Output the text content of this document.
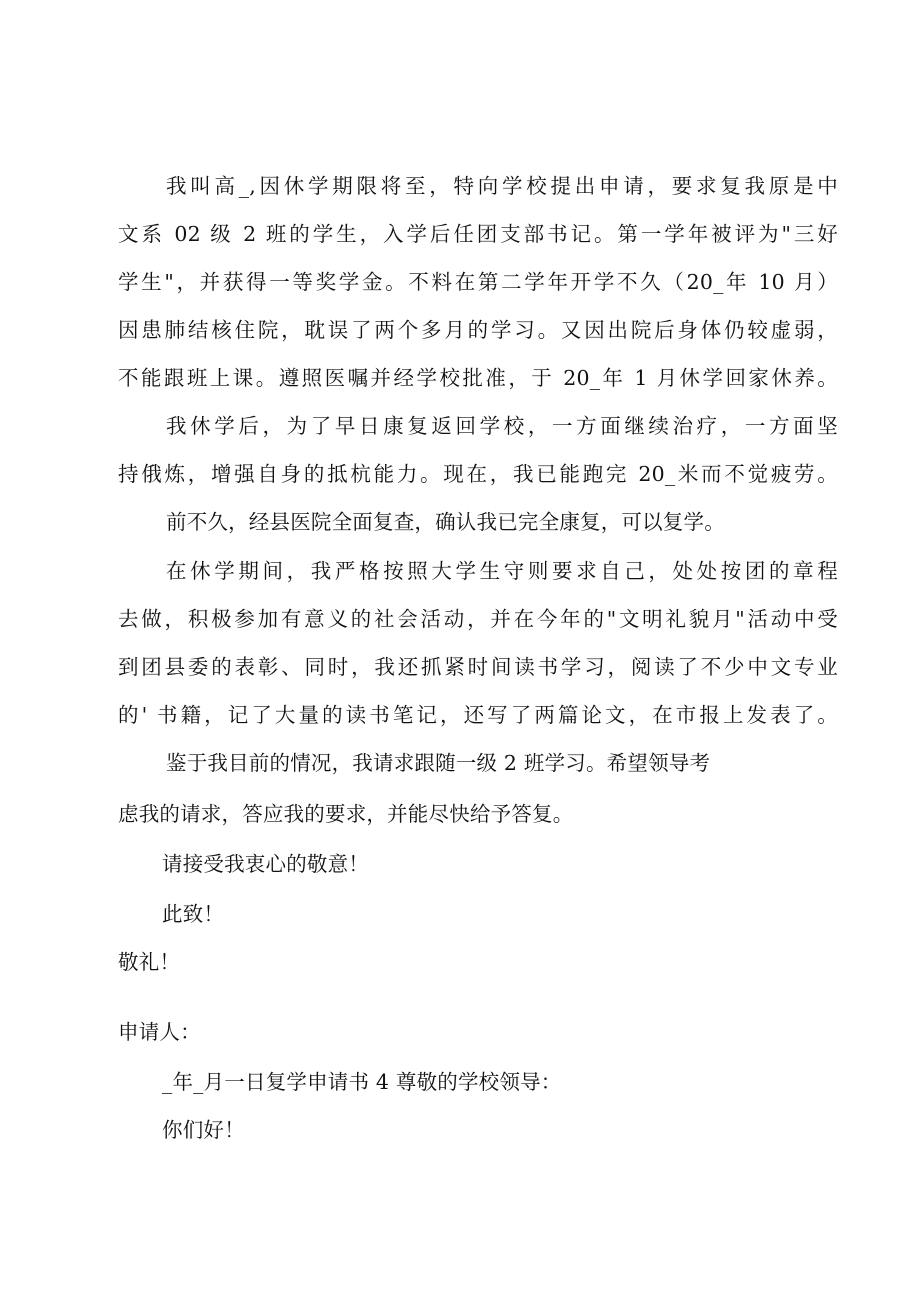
我叫高_,因休学期限将至，特向学校提出申请，要求复我原是中
文系 02 级 2 班的学生，入学后任团支部书记。第一学年被评为"三好
学生"，并获得一等奖学金。不料在第二学年开学不久（20_年 10 月）
因患肺结核住院，耽误了两个多月的学习。又因出院后身体仍较虚弱，
不能跟班上课。遵照医嘱并经学校批准，于 20_年 1 月休学回家休养。
我休学后，为了早日康复返回学校，一方面继续治疗，一方面坚
持俄炼，增强自身的抵杭能力。现在，我已能跑完 20_米而不觉疲劳。
前不久，经县医院全面复查，确认我已完全康复，可以复学。
在休学期间，我严格按照大学生守则要求自己，处处按团的章程
去做，积极参加有意义的社会活动，并在今年的"文明礼貌月"活动中受
到团县委的表彰、同时，我还抓紧时间读书学习，阅读了不少中文专业
的' 书籍，记了大量的读书笔记，还写了两篇论文，在市报上发表了。
鉴于我目前的情况，我请求跟随一级 2 班学习。希望领导考
虑我的请求，答应我的要求，并能尽快给予答复。
请接受我衷心的敬意！
此致！
敬礼！
申请人：
_年_月一日复学申请书 4 尊敬的学校领导：
你们好！
